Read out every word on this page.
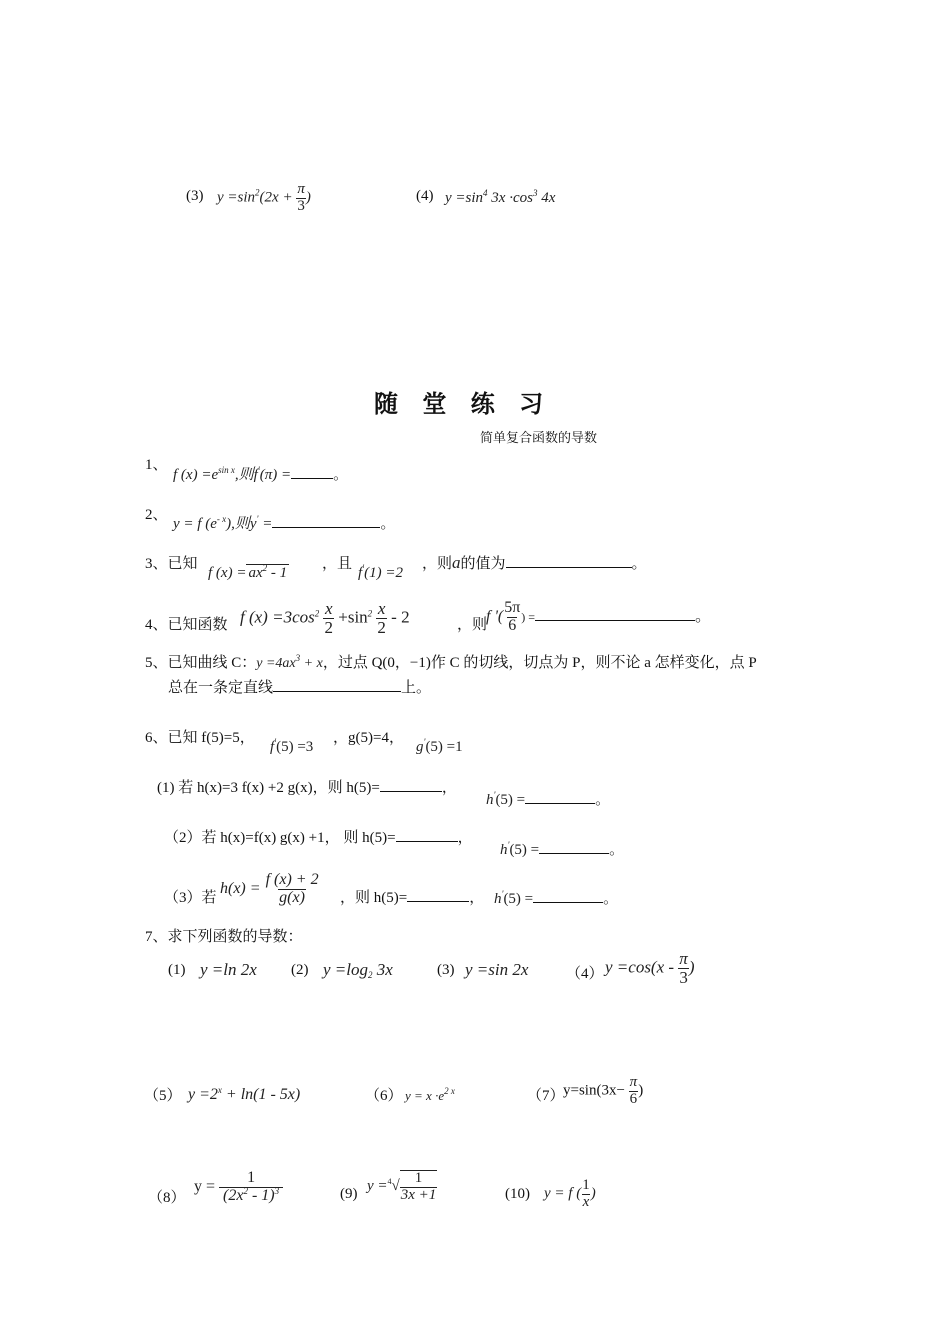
(3) $y =\sin^2(2x + \frac{\pi}{3}$ )	(4) $y =\sin^4$ $3x \cdot\cos^3$ 4x
随 堂 练 习
简单复合函数的导数
1、
f $(x) =e^{sin x}$,则f'(π) =	。
2、
y = f $(e^{- x})$,则y' =	。
3、已知
f $(x) = ax^2 - 1$
，且
f'(1) =2
，则a的值为	。
4、已知函数 f $(x) =3\cos^2 \frac{x}{2} +\sin^2 \frac{x}{2} - 2$	，则
f '( $\frac{5\pi}{6}$ ) =	。
5、已知曲线 C：$y =4ax^3 + x$，过点 Q(0，−1)作 C 的切线，切点为 P，则不论 a 怎样变化，点 P
总在一条定直线	上。
6、已知 f(5)=5，
f'(5) =3
，g(5)=4，
g'(5) =1
(1) 若 h(x)=3 f(x) +2 g(x)，则 h(5)=	，
h'(5) =	。
（2）若 h(x)=f(x) g(x) +1， 则 h(5)=	，
h'(5) =	。
（3）若
$h(x) = \frac{f (x) + 2}{g(x)}$ ，则 h(5)=	， h'(5) =	。
7、求下列函数的导数：
(1) y =ln 2x (2) $y =\log_2$ 3x	(3) y =sin 2x	（4） $y =\cos(x - \frac{\pi}{3}$ )
（5） $y =2^x + \ln(1 - 5x)$	（6） $y = x \cdot e^{2 x}$	（7）
$y=\sin(3x- \frac{\pi}{6}$ )
（8）
$y = \frac{1}{(2x^2 - 1)^3}$	(9) $y =^4√ \frac{1}{3x +1}$	(10) y = f ( $\frac{1}{x}$ )
